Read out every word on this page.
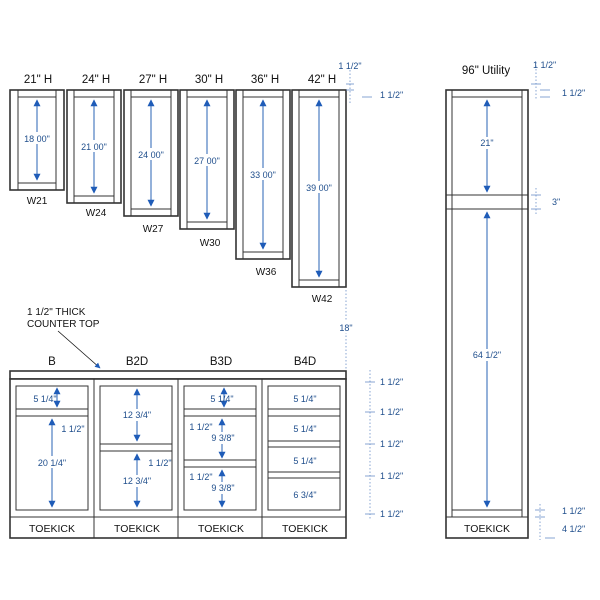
21" H	24" H 27" H 30" H 36" H 42" H
18 00"
W21
21 00"
W24
24 00"
W27
27 00"
W30
33 00"
W36
39 00"
W42
1 1/2"
1 1/2"
18"
1 1/2" THICK
COUNTER TOP
B	B2D	B3D	B4D
5 1/4"
1 1/2"
20 1/4"
12 3/4"
1 1/2"
12 3/4"
5 1/4"
1 1/2"
9 3/8"
1 1/2"
9 3/8"
5 1/4"
5 1/4"
5 1/4"
6 3/4"
TOEKICK	TOEKICK	TOEKICK	TOEKICK
1 1/2"
1 1/2"
1 1/2"
1 1/2"
1 1/2"
96" Utility
21"
64 1/2"
TOEKICK
1 1/2"
1 1/2"
3"
1 1/2"
4 1/2"
